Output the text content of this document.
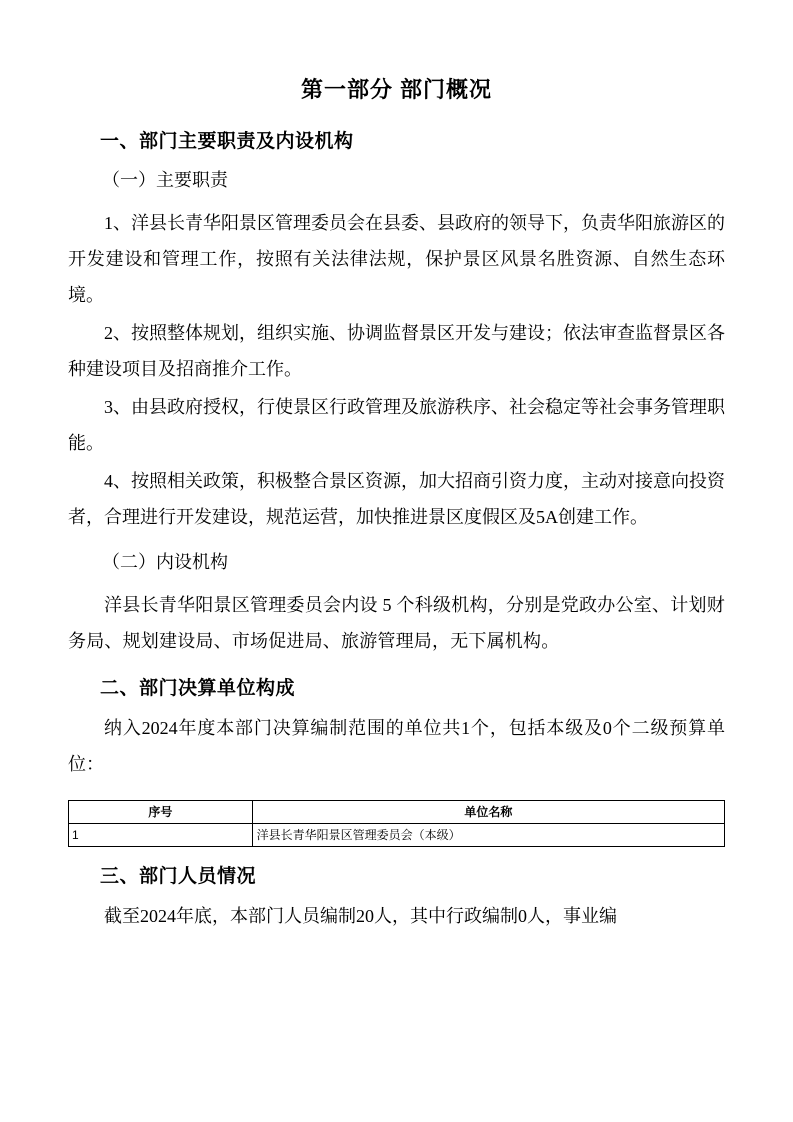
第一部分 部门概况
一、部门主要职责及内设机构
（一）主要职责

1、洋县长青华阳景区管理委员会在县委、县政府的领导下，负责华阳旅游区的开发建设和管理工作，按照有关法律法规，保护景区风景名胜资源、自然生态环境。

2、按照整体规划，组织实施、协调监督景区开发与建设；依法审查监督景区各种建设项目及招商推介工作。

3、由县政府授权，行使景区行政管理及旅游秩序、社会稳定等社会事务管理职能。

4、按照相关政策，积极整合景区资源，加大招商引资力度，主动对接意向投资者，合理进行开发建设，规范运营，加快推进景区度假区及5A创建工作。

（二）内设机构

洋县长青华阳景区管理委员会内设 5 个科级机构，分别是党政办公室、计划财务局、规划建设局、市场促进局、旅游管理局，无下属机构。

二、部门决算单位构成

纳入2024年度本部门决算编制范围的单位共1个，包括本级及0个二级预算单位：

序号	单位名称
1	洋县长青华阳景区管理委员会（本级）
三、部门人员情况

截至2024年底，本部门人员编制20人，其中行政编制0人，事业编
